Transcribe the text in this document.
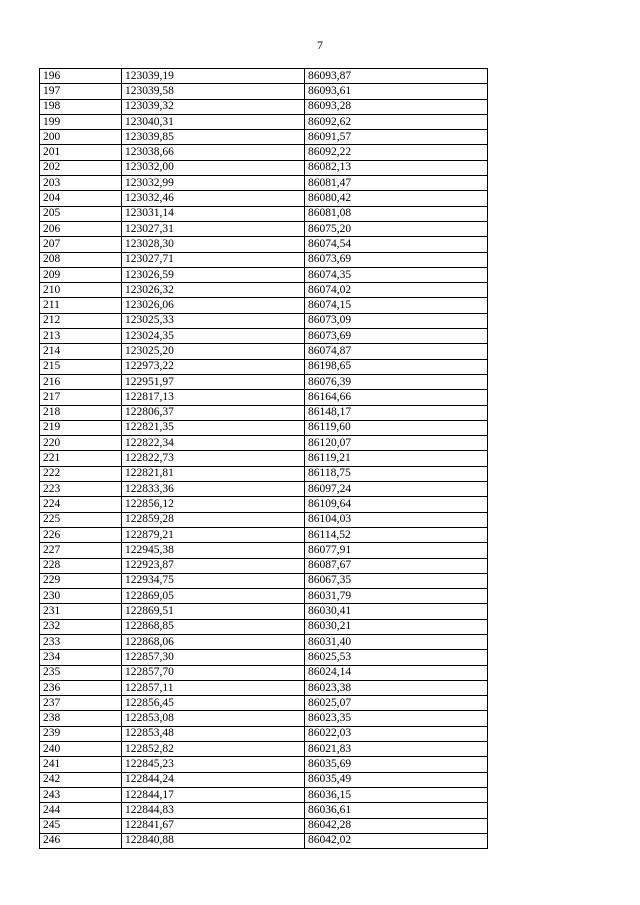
7
196	123039,19	86093,87
197	123039,58	86093,61
198	123039,32	86093,28
199	123040,31	86092,62
200	123039,85	86091,57
201	123038,66	86092,22
202	123032,00	86082,13
203	123032,99	86081,47
204	123032,46	86080,42
205	123031,14	86081,08
206	123027,31	86075,20
207	123028,30	86074,54
208	123027,71	86073,69
209	123026,59	86074,35
210	123026,32	86074,02
211	123026,06	86074,15
212	123025,33	86073,09
213	123024,35	86073,69
214	123025,20	86074,87
215	122973,22	86198,65
216	122951,97	86076,39
217	122817,13	86164,66
218	122806,37	86148,17
219	122821,35	86119,60
220	122822,34	86120,07
221	122822,73	86119,21
222	122821,81	86118,75
223	122833,36	86097,24
224	122856,12	86109,64
225	122859,28	86104,03
226	122879,21	86114,52
227	122945,38	86077,91
228	122923,87	86087,67
229	122934,75	86067,35
230	122869,05	86031,79
231	122869,51	86030,41
232	122868,85	86030,21
233	122868,06	86031,40
234	122857,30	86025,53
235	122857,70	86024,14
236	122857,11	86023,38
237	122856,45	86025,07
238	122853,08	86023,35
239	122853,48	86022,03
240	122852,82	86021,83
241	122845,23	86035,69
242	122844,24	86035,49
243	122844,17	86036,15
244	122844,83	86036,61
245	122841,67	86042,28
246	122840,88	86042,02
